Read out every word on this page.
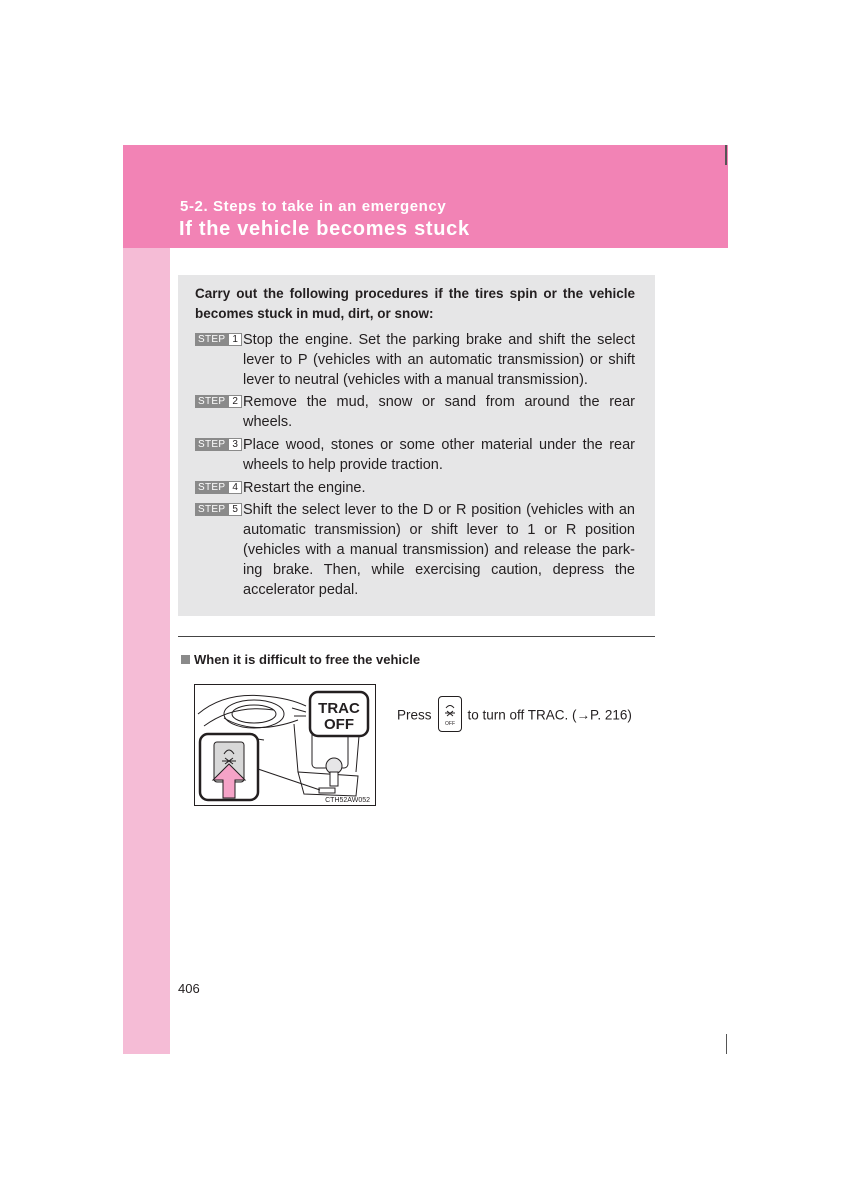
5-2. Steps to take in an emergency
If the vehicle becomes stuck
Carry out the following procedures if the tires spin or the vehicle becomes stuck in mud, dirt, or snow:
STEP 1 Stop the engine. Set the parking brake and shift the select lever to P (vehicles with an automatic transmission) or shift lever to neutral (vehicles with a manual transmission).
STEP 2 Remove the mud, snow or sand from around the rear wheels.
STEP 3 Place wood, stones or some other material under the rear wheels to help provide traction.
STEP 4 Restart the engine.
STEP 5 Shift the select lever to the D or R position (vehicles with an automatic transmission) or shift lever to 1 or R position (vehicles with a manual transmission) and release the park-ing brake. Then, while exercising caution, depress the accelerator pedal.
When it is difficult to free the vehicle
TRAC
OFF
CTH52AW052
Press
OFF
to turn off TRAC. (→P. 216)
406
